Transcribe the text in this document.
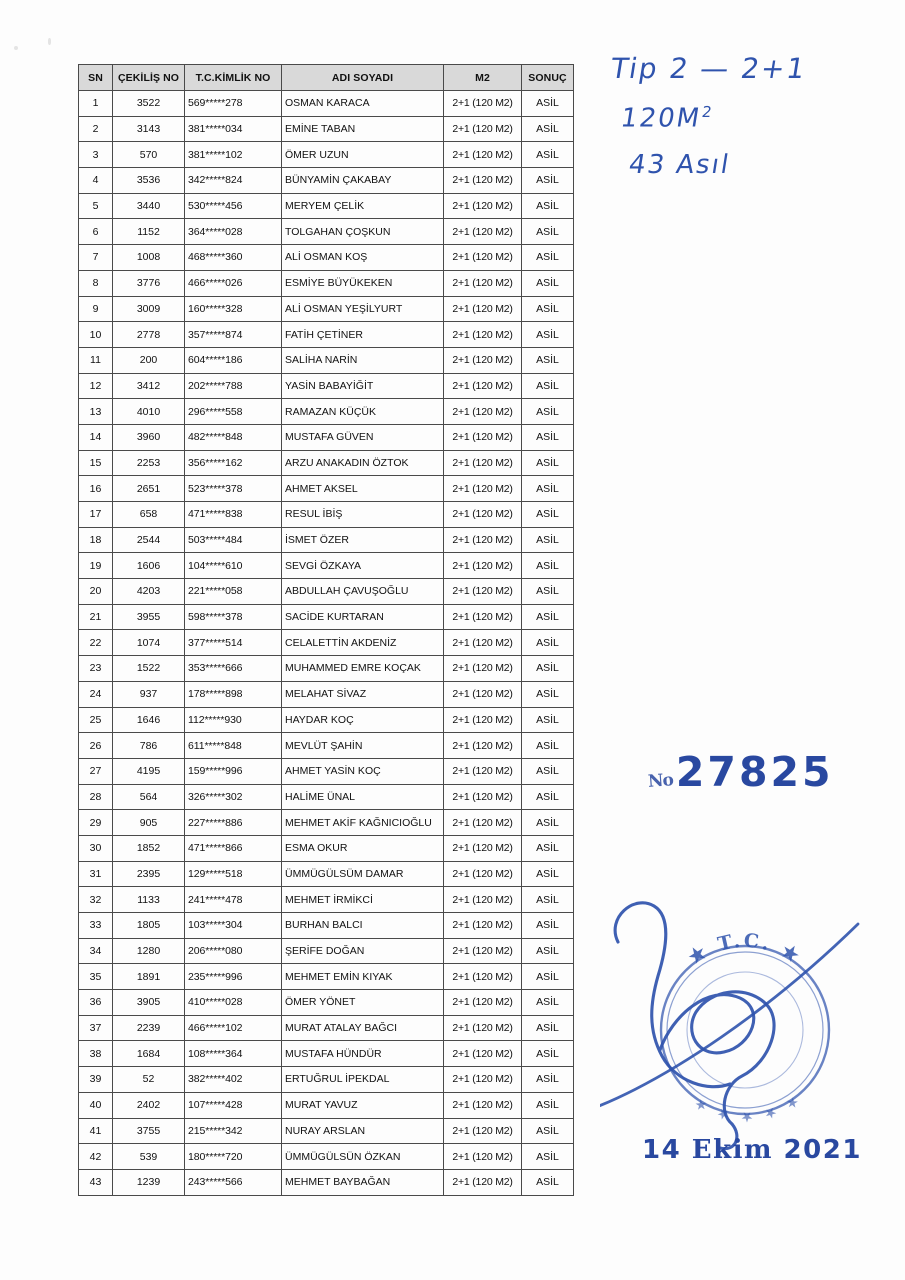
SN	ÇEKİLİŞ NO	T.C.KİMLİK NO	ADI SOYADI	M2	SONUÇ
1	3522	569*****278	OSMAN KARACA	2+1 (120 M2)	ASİL
2	3143	381*****034	EMİNE TABAN	2+1 (120 M2)	ASİL
3	570	381*****102	ÖMER UZUN	2+1 (120 M2)	ASİL
4	3536	342*****824	BÜNYAMİN ÇAKABAY	2+1 (120 M2)	ASİL
5	3440	530*****456	MERYEM ÇELİK	2+1 (120 M2)	ASİL
6	1152	364*****028	TOLGAHAN ÇOŞKUN	2+1 (120 M2)	ASİL
7	1008	468*****360	ALİ OSMAN KOŞ	2+1 (120 M2)	ASİL
8	3776	466*****026	ESMİYE BÜYÜKEKEN	2+1 (120 M2)	ASİL
9	3009	160*****328	ALİ OSMAN YEŞİLYURT	2+1 (120 M2)	ASİL
10	2778	357*****874	FATİH ÇETİNER	2+1 (120 M2)	ASİL
11	200	604*****186	SALİHA NARİN	2+1 (120 M2)	ASİL
12	3412	202*****788	YASİN BABAYİĞİT	2+1 (120 M2)	ASİL
13	4010	296*****558	RAMAZAN KÜÇÜK	2+1 (120 M2)	ASİL
14	3960	482*****848	MUSTAFA GÜVEN	2+1 (120 M2)	ASİL
15	2253	356*****162	ARZU ANAKADIN ÖZTOK	2+1 (120 M2)	ASİL
16	2651	523*****378	AHMET AKSEL	2+1 (120 M2)	ASİL
17	658	471*****838	RESUL İBİŞ	2+1 (120 M2)	ASİL
18	2544	503*****484	İSMET ÖZER	2+1 (120 M2)	ASİL
19	1606	104*****610	SEVGİ ÖZKAYA	2+1 (120 M2)	ASİL
20	4203	221*****058	ABDULLAH ÇAVUŞOĞLU	2+1 (120 M2)	ASİL
21	3955	598*****378	SACİDE KURTARAN	2+1 (120 M2)	ASİL
22	1074	377*****514	CELALETTİN AKDENİZ	2+1 (120 M2)	ASİL
23	1522	353*****666	MUHAMMED EMRE KOÇAK	2+1 (120 M2)	ASİL
24	937	178*****898	MELAHAT SİVAZ	2+1 (120 M2)	ASİL
25	1646	112*****930	HAYDAR KOÇ	2+1 (120 M2)	ASİL
26	786	611*****848	MEVLÜT ŞAHİN	2+1 (120 M2)	ASİL
27	4195	159*****996	AHMET YASİN KOÇ	2+1 (120 M2)	ASİL
28	564	326*****302	HALİME ÜNAL	2+1 (120 M2)	ASİL
29	905	227*****886	MEHMET AKİF KAĞNICIOĞLU	2+1 (120 M2)	ASİL
30	1852	471*****866	ESMA OKUR	2+1 (120 M2)	ASİL
31	2395	129*****518	ÜMMÜGÜLSÜM DAMAR	2+1 (120 M2)	ASİL
32	1133	241*****478	MEHMET İRMİKCİ	2+1 (120 M2)	ASİL
33	1805	103*****304	BURHAN BALCI	2+1 (120 M2)	ASİL
34	1280	206*****080	ŞERİFE DOĞAN	2+1 (120 M2)	ASİL
35	1891	235*****996	MEHMET EMİN KIYAK	2+1 (120 M2)	ASİL
36	3905	410*****028	ÖMER YÖNET	2+1 (120 M2)	ASİL
37	2239	466*****102	MURAT ATALAY BAĞCI	2+1 (120 M2)	ASİL
38	1684	108*****364	MUSTAFA HÜNDÜR	2+1 (120 M2)	ASİL
39	52	382*****402	ERTUĞRUL İPEKDAL	2+1 (120 M2)	ASİL
40	2402	107*****428	MURAT YAVUZ	2+1 (120 M2)	ASİL
41	3755	215*****342	NURAY ARSLAN	2+1 (120 M2)	ASİL
42	539	180*****720	ÜMMÜGÜLSÜN ÖZKAN	2+1 (120 M2)	ASİL
43	1239	243*****566	MEHMET BAYBAĞAN	2+1 (120 M2)	ASİL
Tip 2 — 2+1
$120M^2$
43 Asıl
No27825
★ T.C. ★
★ ★ ★ ★ ★
14 Ekim 2021
